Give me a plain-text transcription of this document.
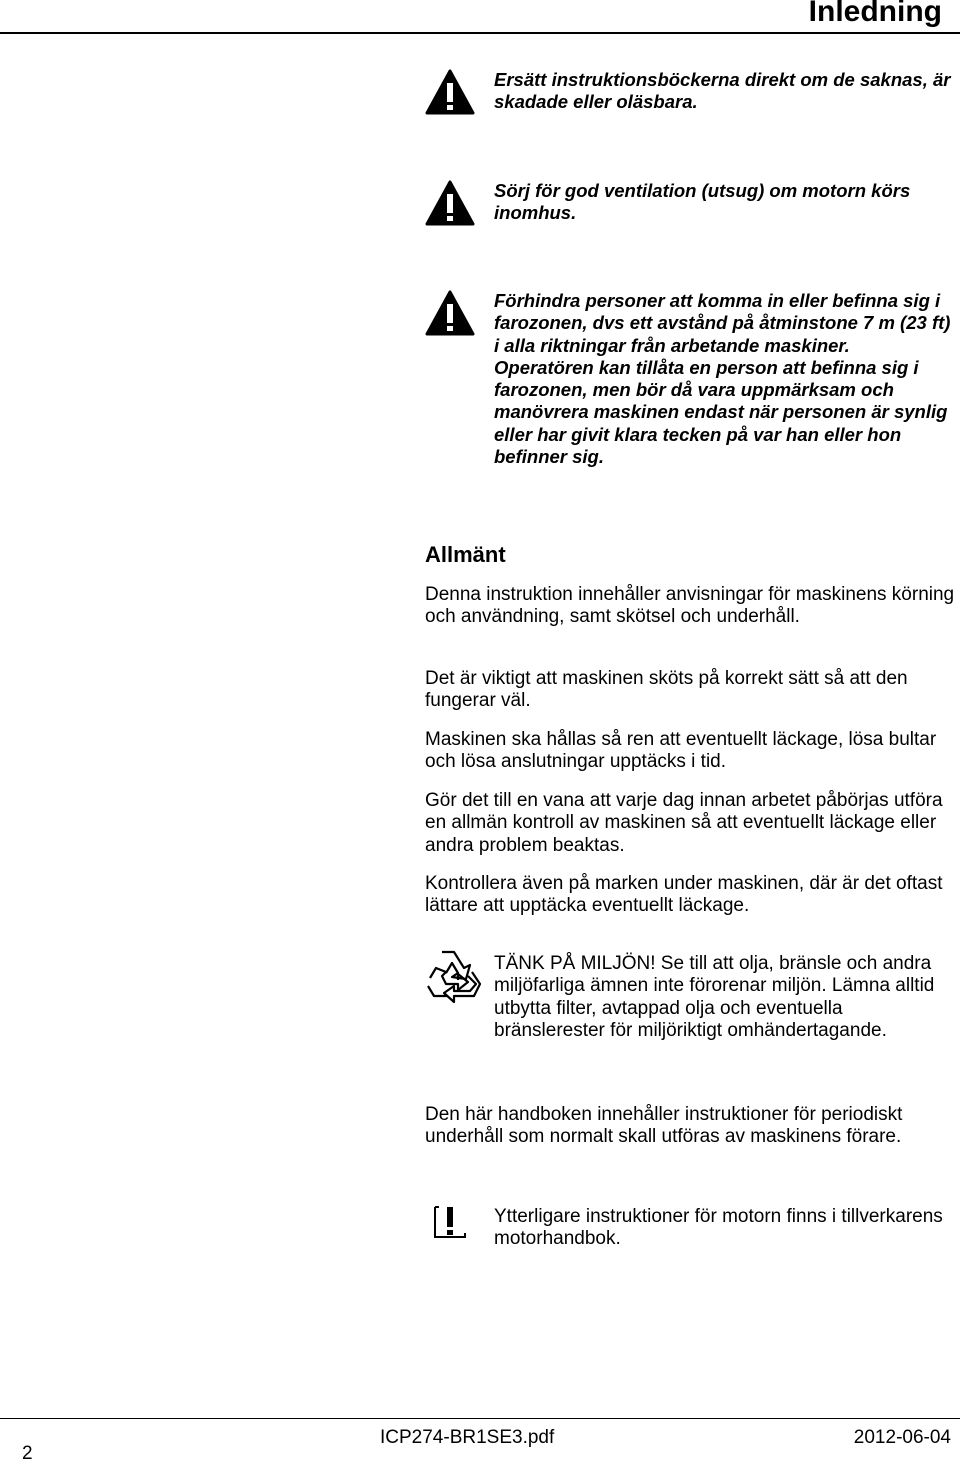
Inledning
Ersätt instruktionsböckerna direkt om de saknas, är skadade eller oläsbara.
Sörj för god ventilation (utsug) om motorn körs inomhus.
Förhindra personer att komma in eller befinna sig i farozonen, dvs ett avstånd på åtminstone 7 m (23 ft) i alla riktningar från arbetande maskiner.
Operatören kan tillåta en person att befinna sig i farozonen, men bör då vara uppmärksam och manövrera maskinen endast när personen är synlig eller har givit klara tecken på var han eller hon befinner sig.
Allmänt

Denna instruktion innehåller anvisningar för maskinens körning och användning, samt skötsel och underhåll.

Det är viktigt att maskinen sköts på korrekt sätt så att den fungerar väl.

Maskinen ska hållas så ren att eventuellt läckage, lösa bultar och lösa anslutningar upptäcks i tid.

Gör det till en vana att varje dag innan arbetet påbörjas utföra en allmän kontroll av maskinen så att eventuellt läckage eller andra problem beaktas.

Kontrollera även på marken under maskinen, där är det oftast lättare att upptäcka eventuellt läckage.

TÄNK PÅ MILJÖN! Se till att olja, bränsle och andra miljöfarliga ämnen inte förorenar miljön. Lämna alltid utbytta filter, avtappad olja och eventuella bränslerester för miljöriktigt omhändertagande.

Den här handboken innehåller instruktioner för periodiskt underhåll som normalt skall utföras av maskinens förare.

Ytterligare instruktioner för motorn finns i tillverkarens motorhandbok.
2
ICP274-BR1SE3.pdf	2012-06-04
